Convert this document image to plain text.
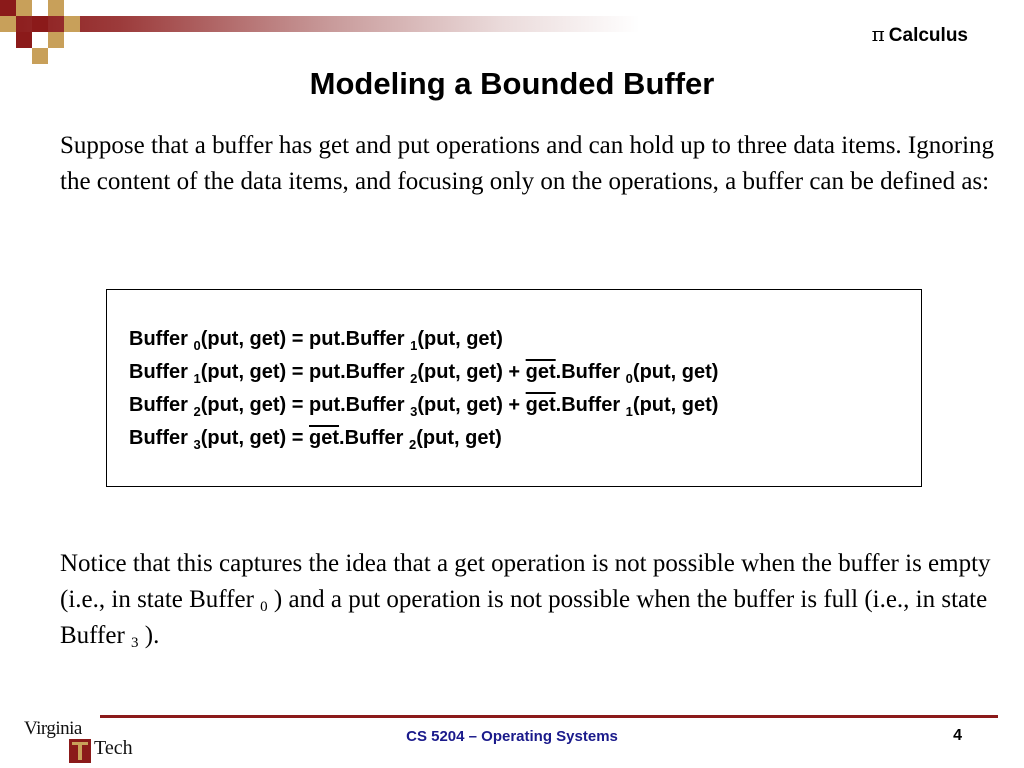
π Calculus
Modeling a Bounded Buffer
Suppose that a buffer has get and put operations and can hold up to three data items. Ignoring the content of the data items, and focusing only on the operations, a buffer can be defined as:
Buffer $_0$(put, get) = put.Buffer $_1$(put, get)
Buffer $_1$(put, get) = put.Buffer $_2$(put, $get) + \overline{get}.Buffer$ $_0$(put, get)
Buffer $_2$(put, get) = put.Buffer $_3$(put, $get) + \overline{get}.Buffer$ $_1$(put, get)
Buffer $_3$(put, $get) = \overline{get}.Buffer$ $_2$(put, get)
Notice that this captures the idea that a get operation is not possible when the buffer is empty (i.e., in state Buffer $_0$ ) and a put operation is not possible when the buffer is full (i.e., in state Buffer $_3$ ).
Virginia
Tech
CS 5204 – Operating Systems	4
